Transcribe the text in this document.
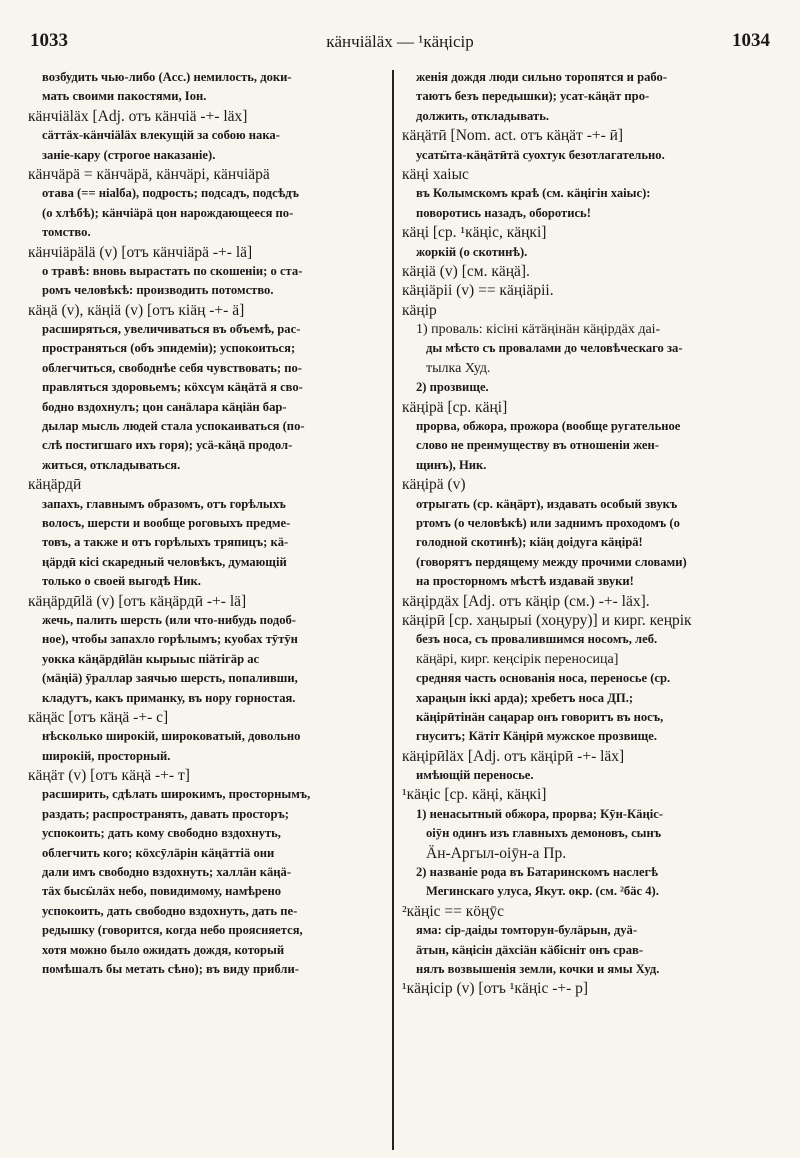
1033	кӓнчіӓlӓх — ¹кӓңісір	1034
возбудить чью-либо (Acc.) немилость, доки-
мать своими пакостями, Іон.
кӓнчіӓlӓх [Adj. отъ кӓнчіӓ -+- lӓх]
сӓттӓх-кӓнчіӓlӓх влекущій за собою нака-
заніе-кару (строгое наказаніе).
кӓнчӓрӓ = кӓнчӓрӓ, кӓнчӓрі, кӓнчіӓрӓ
отава (== ніalба), подрость; подсадъ, подсѣдъ
(о хлѣбѣ); кӓнчіӓрӓ цон нарождающееся по-
томство.
кӓнчіӓрӓlӓ (v) [отъ кӓнчіӓрӓ -+- lӓ]
о травѣ: вновь вырастать по скошеніи; о ста-
ромъ человѣкѣ: производить потомство.
кӓңӓ (v), кӓңіӓ (v) [отъ кіӓң -+- ӓ]
расширяться, увеличиваться въ объемѣ, рас-
пространяться (объ эпидеміи); успокоиться;
облегчиться, свободнѣе себя чувствовать; по-
правляться здоровьемъ; кӧхсүм кӓңӓтӓ я сво-
бодно вздохнулъ; цон санӓлара кӓңіӓн бар-
дылар мысль людей стала успокаиваться (по-
слѣ постигшаго ихъ горя); усӓ-кӓңӓ продол-
житься, откладываться.
кӓңӓрдӣ
запахъ, главнымъ образомъ, отъ горѣлыхъ
волосъ, шерсти и вообще роговыхъ предме-
товъ, а также и отъ горѣлыхъ тряпицъ; кӓ-
ңӓрдӣ кісі скаредный человѣкъ, думающій
только о своей выгодѣ Ник.
кӓңӓрдӣlӓ (v) [отъ кӓңӓрдӣ -+- lӓ]
жечь, палить шерсть (или что-нибудь подоб-
ное), чтобы запахло горѣлымъ; куобах тӯтӯн
уокка кӓңӓрдӣlӓн кырыыс піӓтігӓр ас
(мӓңіӓ) ӯраллар заячью шерсть, попаливши,
кладутъ, какъ приманку, въ нору горностая.
кӓңӓс [отъ кӓңӓ -+- с]
нѣсколько широкій, широковатый, довольно
широкій, просторный.
кӓңӓт (v) [отъ кӓңӓ -+- т]
расширить, сдѣлать широкимъ, просторнымъ,
раздать; распространять, давать просторъ;
успокоить; дать кому свободно вздохнуть,
облегчить кого; кӧхсӯлӓрін кӓңӓттіӓ они
дали имъ свободно вздохнуть; халлӓн кӓңӓ-
тӓх бысӹлӓх небо, повидимому, намѣрено
успокоить, дать свободно вздохнуть, дать пе-
редышку (говорится, когда небо проясняется,
хотя можно было ожидать дождя, который
помѣшалъ бы метать сѣно); въ виду прибли-
женія дождя люди сильно торопятся и рабо-
таютъ безъ передышки); усат-кӓңӓт про-
должить, откладывать.
кӓңӓтӣ [Nom. act. отъ кӓңӓт -+- ӣ]
усатӹта-кӓңӓтӣтӓ суохтук безотлагательно.
кӓңі хаіыс
въ Колымскомъ краѣ (см. кӓңігін хаіыс):
поворотись назадъ, оборотись!
кӓңі [ср. ¹кӓңіс, кӓңкі]
жоркій (о скотинѣ).
кӓңіӓ (v) [см. кӓңӓ].
кӓңіӓрii (v) == кӓңіӓрii.
кӓңір
1) проваль: кісіні кӓтӓңінӓн кӓңірдӓх даі-
ды мѣсто съ провалами до человѣческаго за-
тылка Худ.
2) прозвище.
кӓңірӓ [ср. кӓңі]
прорва, обжора, прожора (вообще ругательное
слово не преимуществу въ отношеніи жен-
щинъ), Ник.
кӓңірӓ (v)
отрыгать (ср. кӓңӓрт), издавать особый звукъ
ртомъ (о человѣкѣ) или заднимъ проходомъ (о
голодной скотинѣ); кіӓң доідуга кӓңірӓ!
(говорятъ пердящему между прочими словами)
на просторномъ мѣстѣ издавай звуки!
кӓңірдӓх [Adj. отъ кӓңір (см.) -+- lӓх].
кӓңірӣ [ср. хаңырыі (хоңуру)] и кирг. кеңрік
безъ носа, съ провалившимся носомъ, леб.
кӓңӓрі, кирг. кеңсірік переносица]
средняя часть основанія носа, переносье (ср.
харaңын іккі арда); хребетъ носа ДП.;
кӓңірӣтінӓн саңарар онъ говоритъ въ носъ,
гнуситъ; Кӓтіт Кӓңірӣ мужское прозвище.
кӓңірӣlӓх [Adj. отъ кӓңірӣ -+- lӓх]
имѣющій переносье.
¹кӓңіс [ср. кӓңі, кӓңкі]
1) ненасытный обжора, прорва; Кӯн-Кӓңіс-
оіӯн одинъ изъ главныхъ демоновъ, сынъ
Ӓн-Аргыл-оіӯн-а Пр.
2) названіе рода въ Батаринскомъ наслегѣ
Мегинскаго улуса, Якут. окр. (см. ²бӓс 4).
²кӓңіс == кӧңӯс
яма: сір-даіды томторун-булӓрын, дуӓ-
ӓтын, кӓңісін дӓхсіӓн кӓбісніт онъ срав-
нялъ возвышенія земли, кочки и ямы Худ.
¹кӓңісір (v) [отъ ¹кӓңіс -+- р]
